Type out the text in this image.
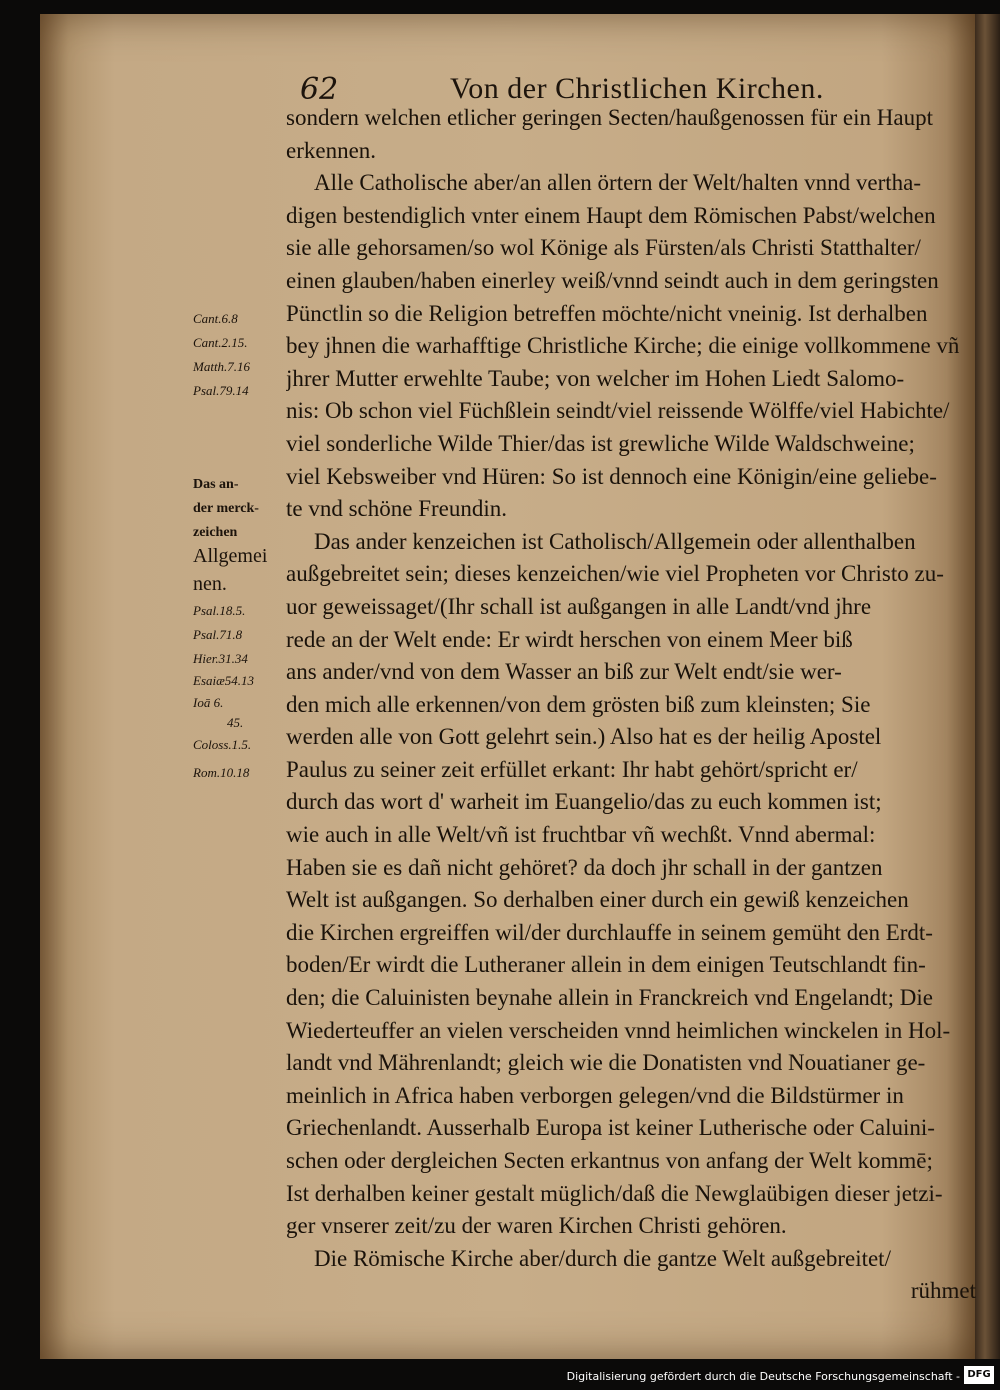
62	Von der Christlichen Kirchen.
sondern welchen etlicher geringen Secten/haußgenossen für ein Haupt
erkennen.
Alle Catholische aber/an allen örtern der Welt/halten vnnd vertha-
digen bestendiglich vnter einem Haupt dem Römischen Pabst/welchen
sie alle gehorsamen/so wol Könige als Fürsten/als Christi Statthalter/
einen glauben/haben einerley weiß/vnnd seindt auch in dem geringsten
Pünctlin so die Religion betreffen möchte/nicht vneinig. Ist derhalben
bey jhnen die warhafftige Christliche Kirche; die einige vollkommene vñ
jhrer Mutter erwehlte Taube; von welcher im Hohen Liedt Salomo-
nis: Ob schon viel Füchßlein seindt/viel reissende Wölffe/viel Habichte/
viel sonderliche Wilde Thier/das ist grewliche Wilde Waldschweine;
viel Kebsweiber vnd Hüren: So ist dennoch eine Königin/eine geliebe-
te vnd schöne Freundin.
Das ander kenzeichen ist Catholisch/Allgemein oder allenthalben
außgebreitet sein; dieses kenzeichen/wie viel Propheten vor Christo zu-
uor geweissaget/(Ihr schall ist außgangen in alle Landt/vnd jhre
rede an der Welt ende: Er wirdt herschen von einem Meer biß
ans ander/vnd von dem Wasser an biß zur Welt endt/sie wer-
den mich alle erkennen/von dem grösten biß zum kleinsten; Sie
werden alle von Gott gelehrt sein.) Also hat es der heilig Apostel
Paulus zu seiner zeit erfüllet erkant: Ihr habt gehört/spricht er/
durch das wort d' warheit im Euangelio/das zu euch kommen ist;
wie auch in alle Welt/vñ ist fruchtbar vñ wechßt. Vnnd abermal:
Haben sie es dañ nicht gehöret? da doch jhr schall in der gantzen
Welt ist außgangen. So derhalben einer durch ein gewiß kenzeichen
die Kirchen ergreiffen wil/der durchlauffe in seinem gemüht den Erdt-
boden/Er wirdt die Lutheraner allein in dem einigen Teutschlandt fin-
den; die Caluinisten beynahe allein in Franckreich vnd Engelandt; Die
Wiederteuffer an vielen verscheiden vnnd heimlichen winckelen in Hol-
landt vnd Mährenlandt; gleich wie die Donatisten vnd Nouatianer ge-
meinlich in Africa haben verborgen gelegen/vnd die Bildstürmer in
Griechenlandt. Ausserhalb Europa ist keiner Lutherische oder Caluini-
schen oder dergleichen Secten erkantnus von anfang der Welt kommē;
Ist derhalben keiner gestalt müglich/daß die Newglaübigen dieser jetzi-
ger vnserer zeit/zu der waren Kirchen Christi gehören.
Die Römische Kirche aber/durch die gantze Welt außgebreitet/
rühmet
Cant.6.8
Cant.2.15.
Matth.7.16
Psal.79.14
Das an-
der merck-
zeichen
Allgemei
nen.
Psal.18.5.
Psal.71.8
Hier.31.34
Esaiæ54.13
Ioā 6.
45.
Coloss.1.5.
Rom.10.18
Digitalisierung gefördert durch die Deutsche Forschungsgemeinschaft - DFG
